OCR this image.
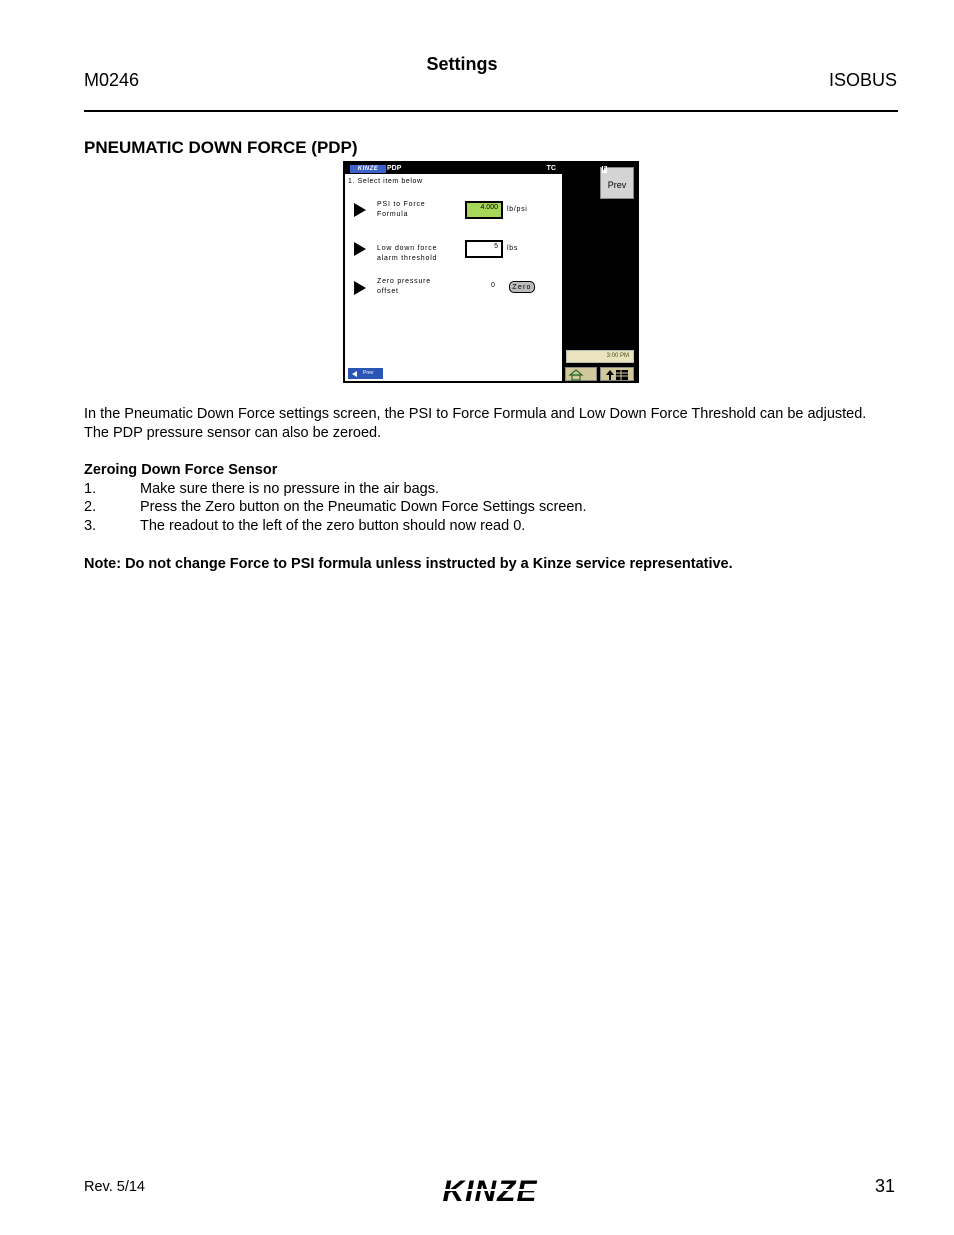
M0246
Settings
ISOBUS
PNEUMATIC DOWN FORCE (PDP)
KINZE	PDP	TC
1. Select item below
PSI to Force
Formula
4.000	lb/psi
Low down force
alarm threshold
5	lbs
Zero pressure
offset
0	Zero
Prev
Prev
F
3:00 PM
In the Pneumatic Down Force settings screen, the PSI to Force Formula and Low Down Force Threshold can be adjusted. The PDP pressure sensor can also be zeroed.
Zeroing Down Force Sensor
1.	Make sure there is no pressure in the air bags.
2.	Press the Zero button on the Pneumatic Down Force Settings screen.
3.	The readout to the left of the zero button should now read 0.
Note: Do not change Force to PSI formula unless instructed by a Kinze service representative.
Rev. 5/14	KINZE	31
